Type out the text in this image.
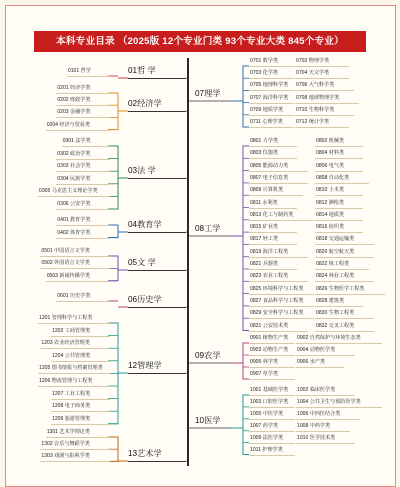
本科专业目录 （2025版 12个专业门类 93个专业大类 845个专业）
01哲 学
0101 哲学
02经济学
0201 经济学类
0202 财政学类
0203 金融学类
0204 经济与贸易类
03法 学
0301 法学类
0302 政治学类
0303 社会学类
0304 民族学类
0305 马克思主义理论学类
0306 公安学类
04教育学
0401 教育学类
0402 体育学类
05文 学
0501 中国语言文学类
0502 外国语言文学类
0503 新闻传播学类
06历史学
0601 历史学类
12管理学
1201 管理科学与工程类
1202 工商管理类
1203 农业经济管理类
1204 公共管理类
1205 图书情报与档案管理类
1206 物流管理与工程类
1207 工业工程类
1208 电子商务类
1209 旅游管理类
13艺术学
1301 艺术学理论类
1302 音乐与舞蹈学类
1303 戏剧与影视学类
07理学
0701 数学类	0702 物理学类
0703 化学类	0704 天文学类
0705 地理科学类	0706 大气科学类
0707 海洋科学类	0708 地球物理学类
0709 地质学类	0710 生物科学类
0711 心理学类	0712 统计学类
08工学
0801 力学类	0802 机械类
0803 仪器类	0804 材料类
0805 能源动力类	0806 电气类
0807 电子信息类	0808 自动化类
0809 计算机类	0810 土木类
0811 水利类	0812 测绘类
0813 化工与制药类	0814 地质类
0815 矿业类	0816 纺织类
0817 轻工类	0818 交通运输类
0819 海洋工程类	0820 航空航天类
0821 兵器类	0822 核工程类
0823 农业工程类	0824 林业工程类
0825 环境科学与工程类	0826 生物医学工程类
0827 食品科学与工程类	0828 建筑类
0829 安全科学与工程类	0830 生物工程类
0831 公安技术类	0832 交叉工程类
09农学
0901 植物生产类	0902 自然保护与环境生态类
0903 动物生产类	0904 动物医学类
0905 林学类	0906 水产类
0907 草学类
10医学
1001 基础医学类	1002 临床医学类
1003 口腔医学类	1004 公共卫生与预防医学类
1005 中医学类	1006 中西医结合类
1007 药学类	1008 中药学类
1009 法医学类	1010 医学技术类
1011 护理学类
